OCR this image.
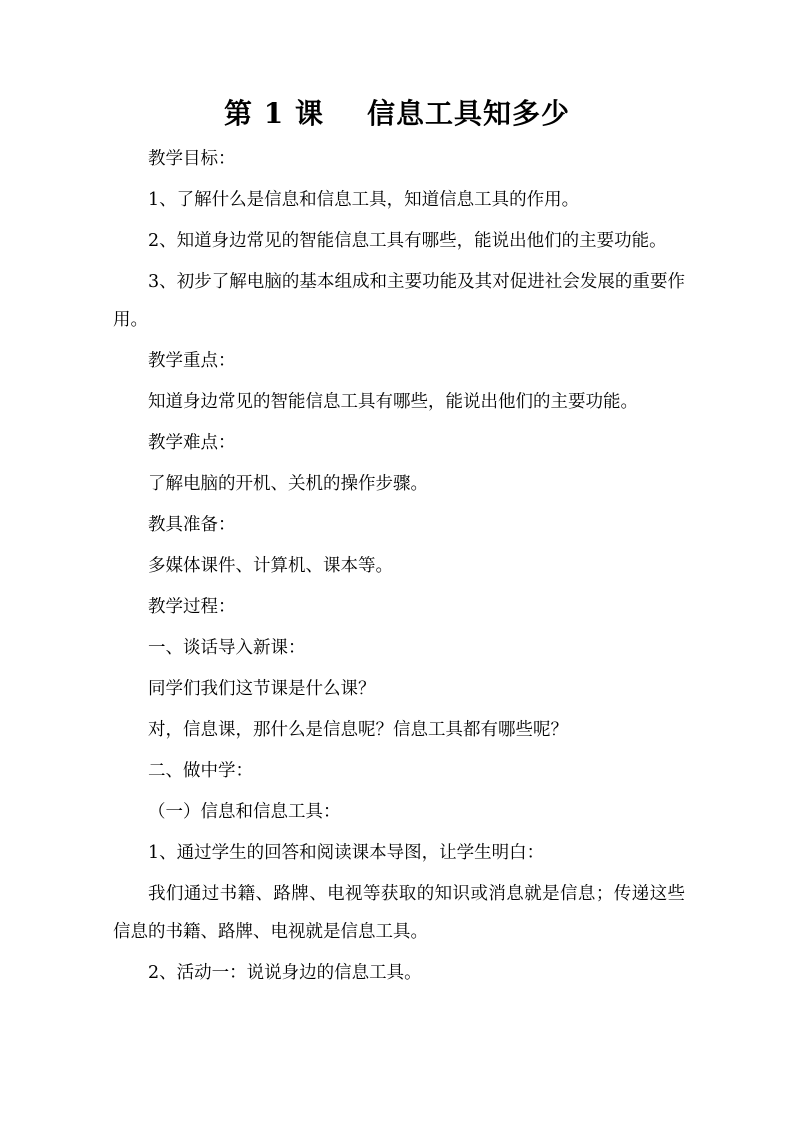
第 1 课    信息工具知多少

教学目标：

1、了解什么是信息和信息工具，知道信息工具的作用。

2、知道身边常见的智能信息工具有哪些，能说出他们的主要功能。

3、初步了解电脑的基本组成和主要功能及其对促进社会发展的重要作用。

教学重点：

知道身边常见的智能信息工具有哪些，能说出他们的主要功能。

教学难点：

了解电脑的开机、关机的操作步骤。

教具准备：

多媒体课件、计算机、课本等。

教学过程：

一、谈话导入新课：

同学们我们这节课是什么课？

对，信息课，那什么是信息呢？信息工具都有哪些呢？

二、做中学：

（一）信息和信息工具：

1、通过学生的回答和阅读课本导图，让学生明白：

我们通过书籍、路牌、电视等获取的知识或消息就是信息；传递这些信息的书籍、路牌、电视就是信息工具。

2、活动一：说说身边的信息工具。
